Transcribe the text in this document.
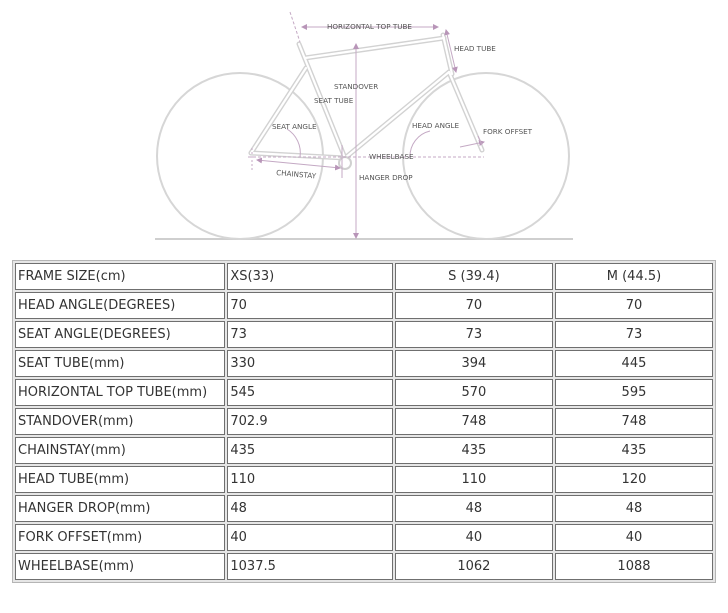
HORIZONTAL TOP TUBE
HEAD TUBE
STANDOVER
SEAT TUBE
SEAT ANGLE	HEAD ANGLE
FORK OFFSET
WHEELBASE
CHAINSTAY	HANGER DROP
FRAME SIZE(cm)	XS(33)	S (39.4)	M (44.5)
HEAD ANGLE(DEGREES)	70	70	70
SEAT ANGLE(DEGREES)	73	73	73
SEAT TUBE(mm)	330	394	445
HORIZONTAL TOP TUBE(mm)	545	570	595
STANDOVER(mm)	702.9	748	748
CHAINSTAY(mm)	435	435	435
HEAD TUBE(mm)	110	110	120
HANGER DROP(mm)	48	48	48
FORK OFFSET(mm)	40	40	40
WHEELBASE(mm)	1037.5	1062	1088
